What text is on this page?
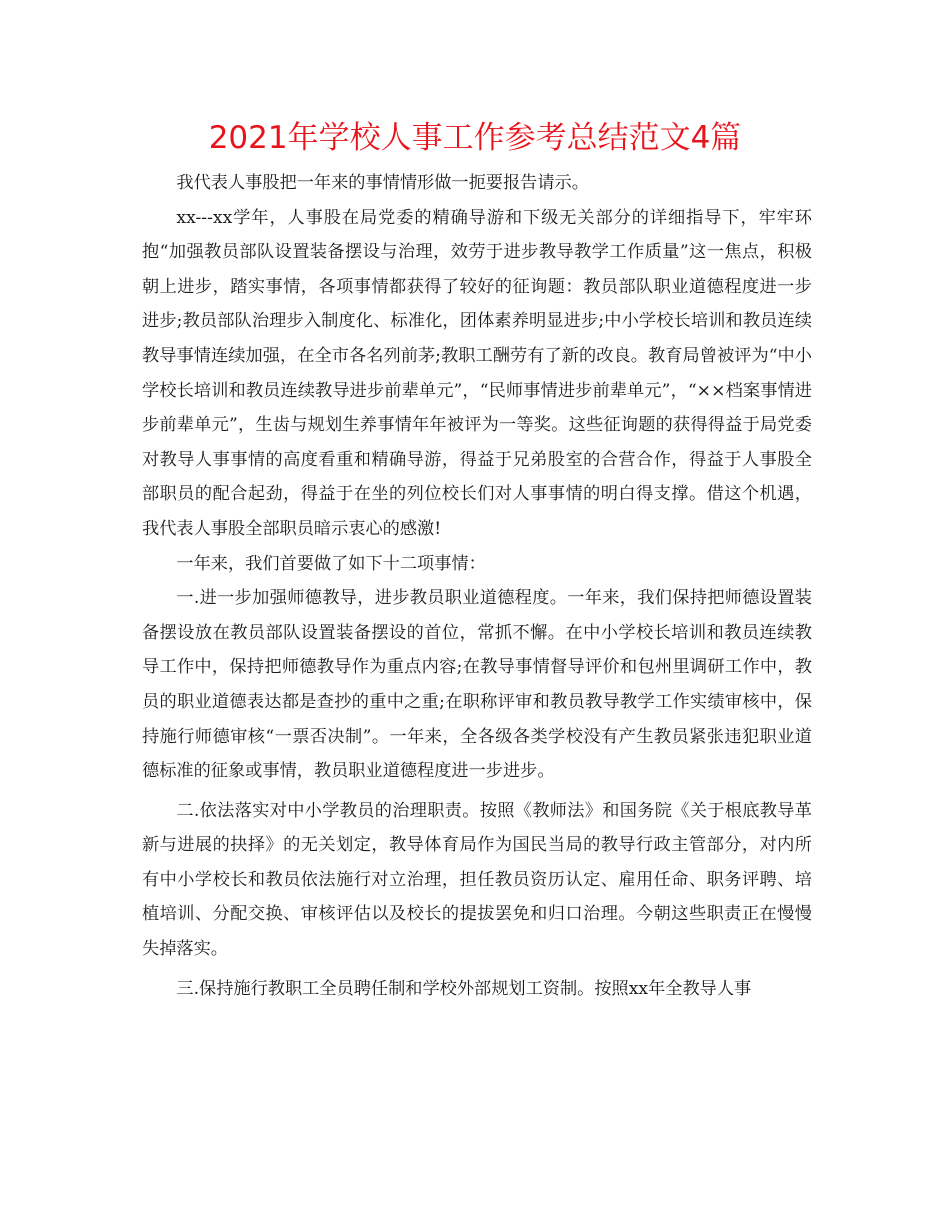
2021年学校人事工作参考总结范文4篇

我代表人事股把一年来的事情情形做一扼要报告请示。

xx---xx学年，人事股在局党委的精确导游和下级无关部分的详细指导下，牢牢环抱“加强教员部队设置装备摆设与治理，效劳于进步教导教学工作质量”这一焦点，积极朝上进步，踏实事情，各项事情都获得了较好的征询题：教员部队职业道德程度进一步进步;教员部队治理步入制度化、标准化，团体素养明显进步;中小学校长培训和教员连续教导事情连续加强，在全市各名列前茅;教职工酬劳有了新的改良。教育局曾被评为“中小学校长培训和教员连续教导进步前辈单元”，“民师事情进步前辈单元”，“××档案事情进步前辈单元”，生齿与规划生养事情年年被评为一等奖。这些征询题的获得得益于局党委对教导人事事情的高度看重和精确导游，得益于兄弟股室的合营合作，得益于人事股全部职员的配合起劲，得益于在坐的列位校长们对人事事情的明白得支撑。借这个机遇，我代表人事股全部职员暗示衷心的感激!

一年来，我们首要做了如下十二项事情：

一.进一步加强师德教导，进步教员职业道德程度。一年来，我们保持把师德设置装备摆设放在教员部队设置装备摆设的首位，常抓不懈。在中小学校长培训和教员连续教导工作中，保持把师德教导作为重点内容;在教导事情督导评价和包州里调研工作中，教员的职业道德表达都是查抄的重中之重;在职称评审和教员教导教学工作实绩审核中，保持施行师德审核“一票否决制”。一年来，全各级各类学校没有产生教员紧张违犯职业道德标准的征象或事情，教员职业道德程度进一步进步。

二.依法落实对中小学教员的治理职责。按照《教师法》和国务院《关于根底教导革新与进展的抉择》的无关划定，教导体育局作为国民当局的教导行政主管部分，对内所有中小学校长和教员依法施行对立治理，担任教员资历认定、雇用任命、职务评聘、培植培训、分配交换、审核评估以及校长的提拔罢免和归口治理。今朝这些职责正在慢慢失掉落实。

三.保持施行教职工全员聘任制和学校外部规划工资制。按照xx年全教导人事
